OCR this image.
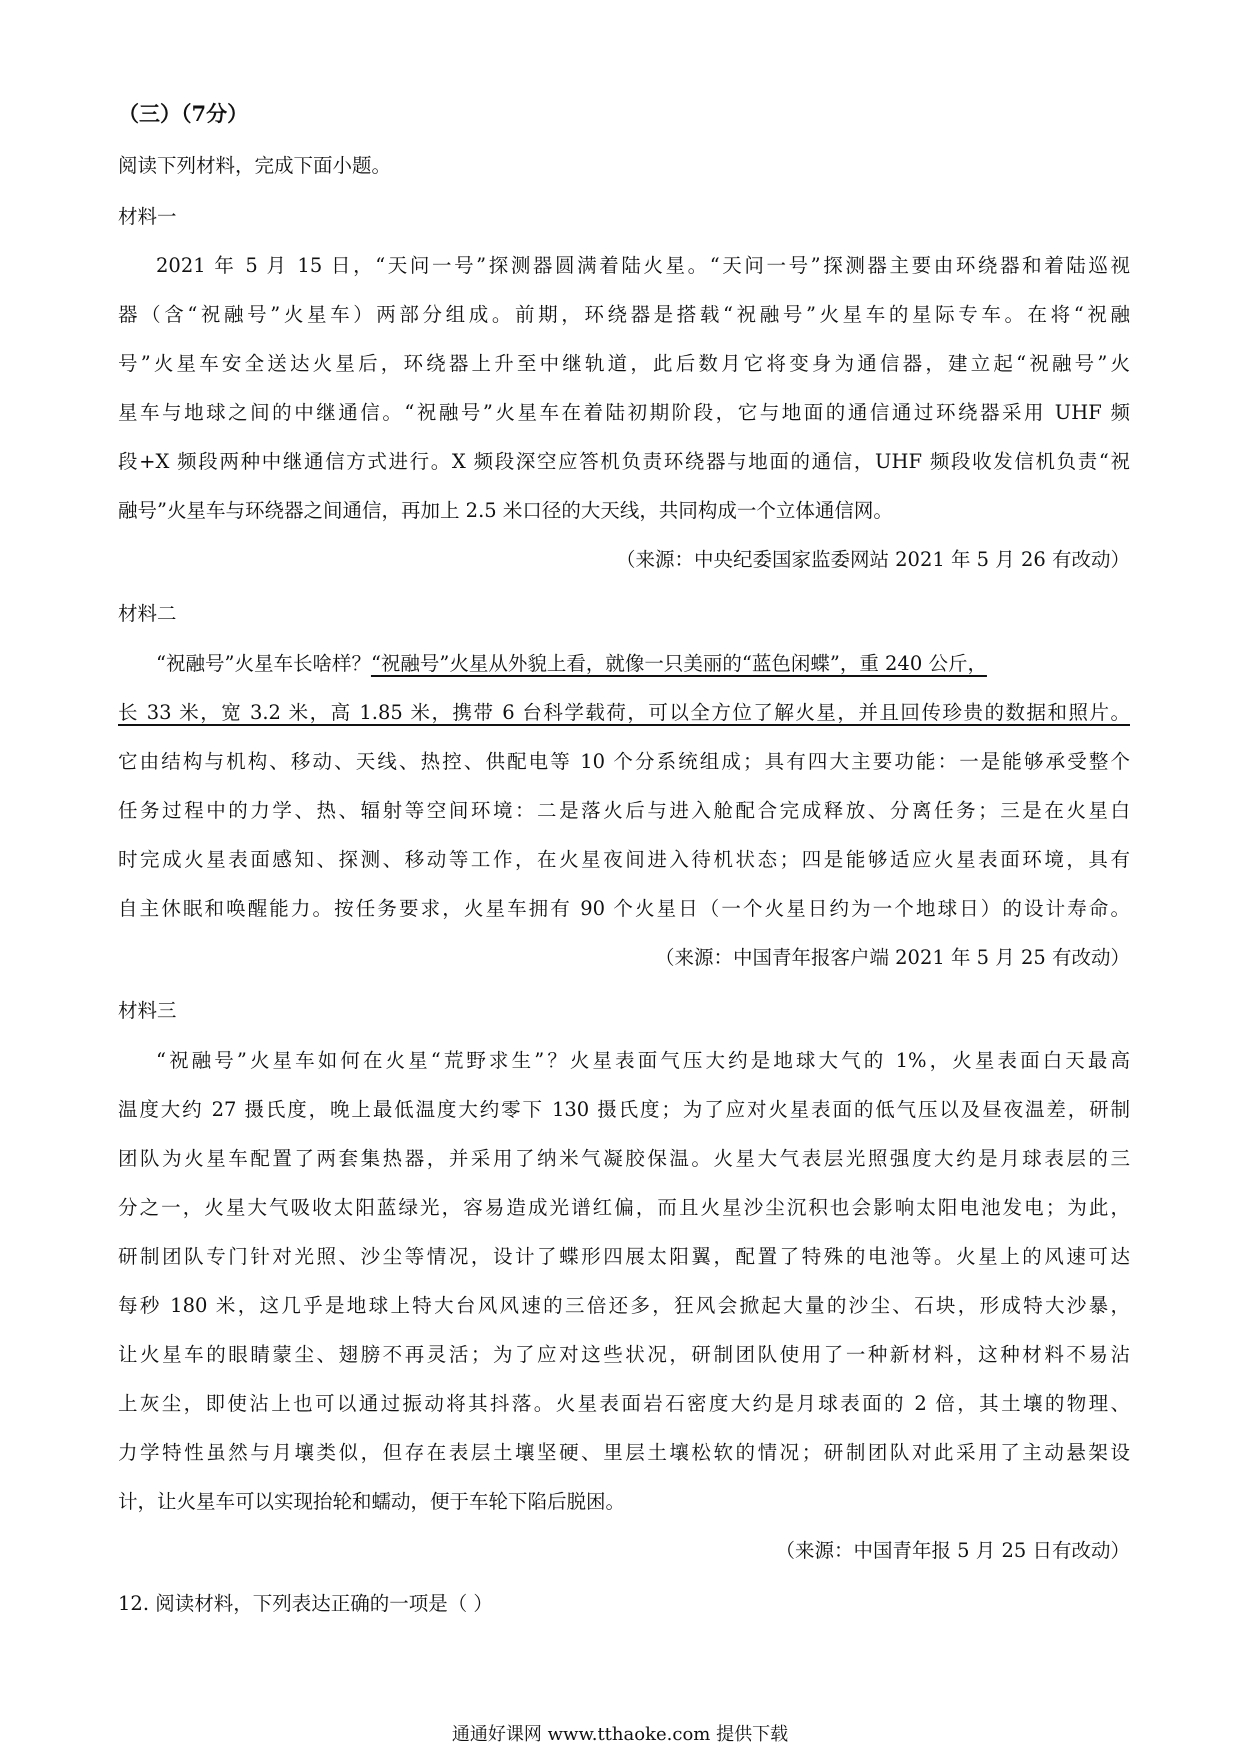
（三）（7分）
阅读下列材料，完成下面小题。
材料一
2021 年 5 月 15 日，“天问一号”探测器圆满着陆火星。“天问一号”探测器主要由环绕器和着陆巡视
器（含“祝融号”火星车）两部分组成。前期，环绕器是搭载“祝融号”火星车的星际专车。在将“祝融
号”火星车安全送达火星后，环绕器上升至中继轨道，此后数月它将变身为通信器，建立起“祝融号”火
星车与地球之间的中继通信。“祝融号”火星车在着陆初期阶段，它与地面的通信通过环绕器采用 UHF 频
段+X 频段两种中继通信方式进行。X 频段深空应答机负责环绕器与地面的通信，UHF 频段收发信机负责“祝
融号”火星车与环绕器之间通信，再加上 2.5 米口径的大天线，共同构成一个立体通信网。
（来源：中央纪委国家监委网站 2021 年 5 月 26 有改动）
材料二
“祝融号”火星车长啥样？“祝融号”火星从外貌上看，就像一只美丽的“蓝色闲蝶”，重 240 公斤，
长 33 米，宽 3.2 米，高 1.85 米，携带 6 台科学载荷，可以全方位了解火星，并且回传珍贵的数据和照片。
它由结构与机构、移动、天线、热控、供配电等 10 个分系统组成；具有四大主要功能：一是能够承受整个
任务过程中的力学、热、辐射等空间环境：二是落火后与进入舱配合完成释放、分离任务；三是在火星白
时完成火星表面感知、探测、移动等工作，在火星夜间进入待机状态；四是能够适应火星表面环境，具有
自主休眠和唤醒能力。按任务要求，火星车拥有 90 个火星日（一个火星日约为一个地球日）的设计寿命。
（来源：中国青年报客户端 2021 年 5 月 25 有改动）
材料三
“祝融号”火星车如何在火星“荒野求生”？火星表面气压大约是地球大气的 1%，火星表面白天最高
温度大约 27 摄氏度，晚上最低温度大约零下 130 摄氏度；为了应对火星表面的低气压以及昼夜温差，研制
团队为火星车配置了两套集热器，并采用了纳米气凝胶保温。火星大气表层光照强度大约是月球表层的三
分之一，火星大气吸收太阳蓝绿光，容易造成光谱红偏，而且火星沙尘沉积也会影响太阳电池发电；为此，
研制团队专门针对光照、沙尘等情况，设计了蝶形四展太阳翼，配置了特殊的电池等。火星上的风速可达
每秒 180 米，这几乎是地球上特大台风风速的三倍还多，狂风会掀起大量的沙尘、石块，形成特大沙暴，
让火星车的眼睛蒙尘、翅膀不再灵活；为了应对这些状况，研制团队使用了一种新材料，这种材料不易沾
上灰尘，即使沾上也可以通过振动将其抖落。火星表面岩石密度大约是月球表面的 2 倍，其土壤的物理、
力学特性虽然与月壤类似，但存在表层土壤坚硬、里层土壤松软的情况；研制团队对此采用了主动悬架设
计，让火星车可以实现抬轮和蠕动，便于车轮下陷后脱困。
（来源：中国青年报 5 月 25 日有改动）
12. 阅读材料，下列表达正确的一项是（ ）
通通好课网 www.tthaoke.com 提供下载
